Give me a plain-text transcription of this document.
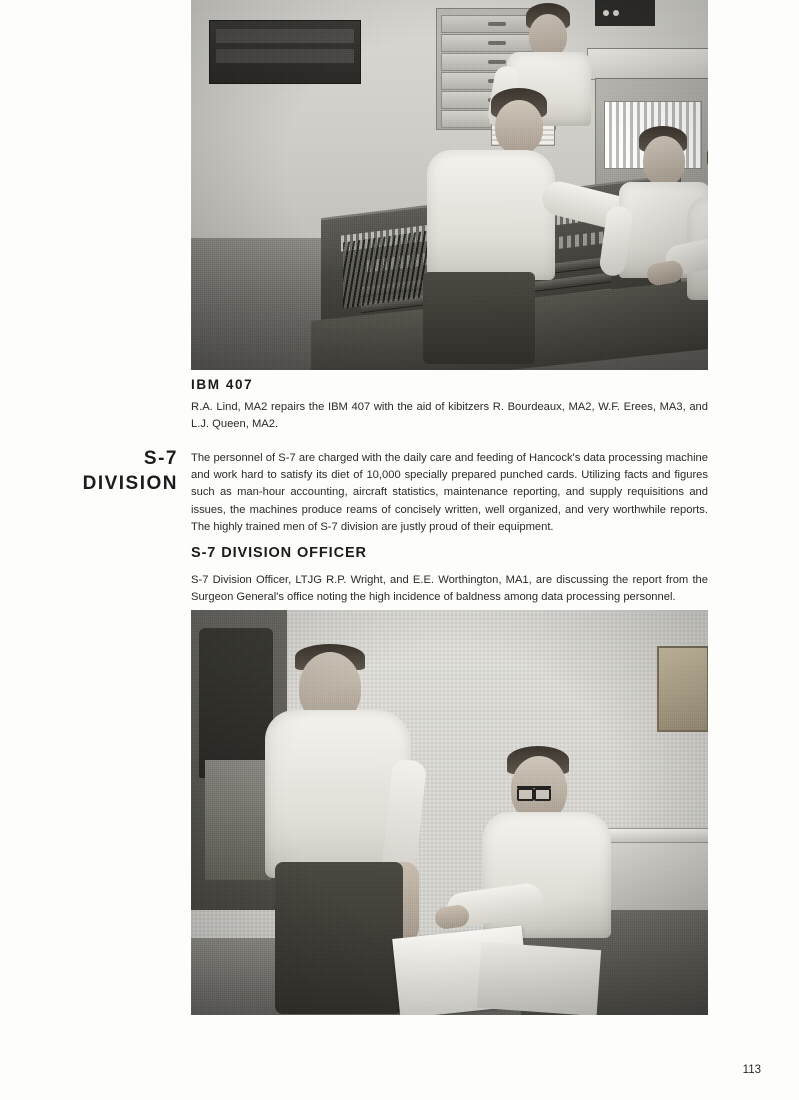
IBM 407
R.A. Lind, MA2 repairs the IBM 407 with the aid of kibitzers R. Bourdeaux, MA2, W.F. Erees, MA3, and L.J. Queen, MA2.
S-7
DIVISION
The personnel of S-7 are charged with the daily care and feeding of Hancock's data processing machine and work hard to satisfy its diet of 10,000 specially prepared punched cards. Utilizing facts and figures such as man-hour accounting, aircraft statistics, maintenance reporting, and supply requisitions and issues, the machines produce reams of concisely written, well organized, and very worthwhile reports. The highly trained men of S-7 division are justly proud of their equipment.
S-7 DIVISION OFFICER
S-7 Division Officer, LTJG R.P. Wright, and E.E. Worthington, MA1, are discussing the report from the Surgeon General's office noting the high incidence of baldness among data processing personnel.
113
